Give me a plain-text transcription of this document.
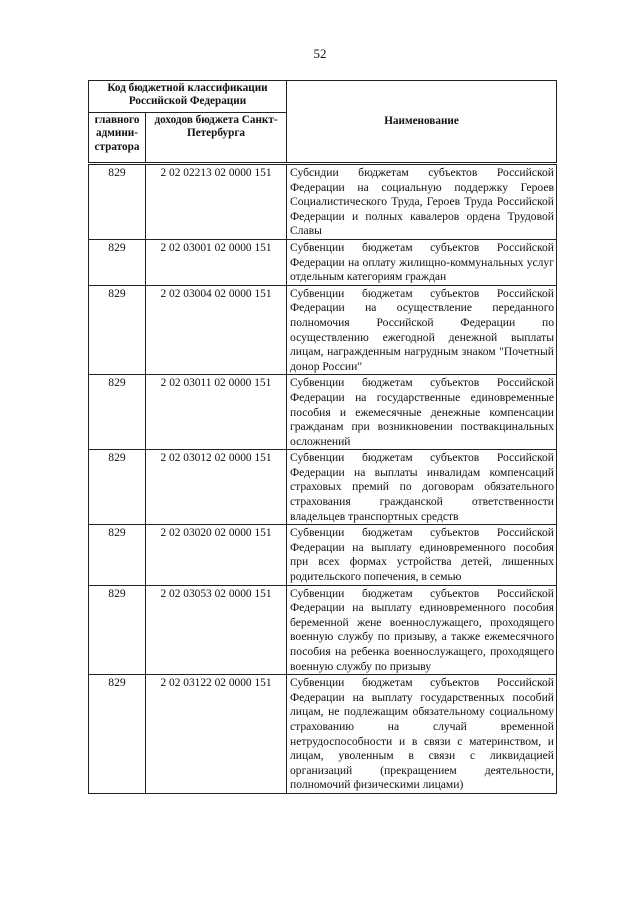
52
Код бюджетной классификации Российской Федерации		Наименование
главного админи-стратора	доходов бюджета Санкт-Петербурга	
829	2 02 02213 02 0000 151	Субсидии бюджетам субъектов Российской Федерации на социальную поддержку Героев Социалистического Труда, Героев Труда Российской Федерации и полных кавалеров ордена Трудовой Славы
829	2 02 03001 02 0000 151	Субвенции бюджетам субъектов Российской Федерации на оплату жилищно-коммунальных услуг отдельным категориям граждан
829	2 02 03004 02 0000 151	Субвенции бюджетам субъектов Российской Федерации на осуществление переданного полномочия Российской Федерации по осуществлению ежегодной денежной выплаты лицам, награжденным нагрудным знаком "Почетный донор России"
829	2 02 03011 02 0000 151	Субвенции бюджетам субъектов Российской Федерации на государственные единовременные пособия и ежемесячные денежные компенсации гражданам при возникновении поствакцинальных осложнений
829	2 02 03012 02 0000 151	Субвенции бюджетам субъектов Российской Федерации на выплаты инвалидам компенсаций страховых премий по договорам обязательного страхования гражданской ответственности владельцев транспортных средств
829	2 02 03020 02 0000 151	Субвенции бюджетам субъектов Российской Федерации на выплату единовременного пособия при всех формах устройства детей, лишенных родительского попечения, в семью
829	2 02 03053 02 0000 151	Субвенции бюджетам субъектов Российской Федерации на выплату единовременного пособия беременной жене военнослужащего, проходящего военную службу по призыву, а также ежемесячного пособия на ребенка военнослужащего, проходящего военную службу по призыву
829	2 02 03122 02 0000 151	Субвенции бюджетам субъектов Российской Федерации на выплату государственных пособий лицам, не подлежащим обязательному социальному страхованию на случай временной нетрудоспособности и в связи с материнством, и лицам, уволенным в связи с ликвидацией организаций (прекращением деятельности, полномочий физическими лицами)
